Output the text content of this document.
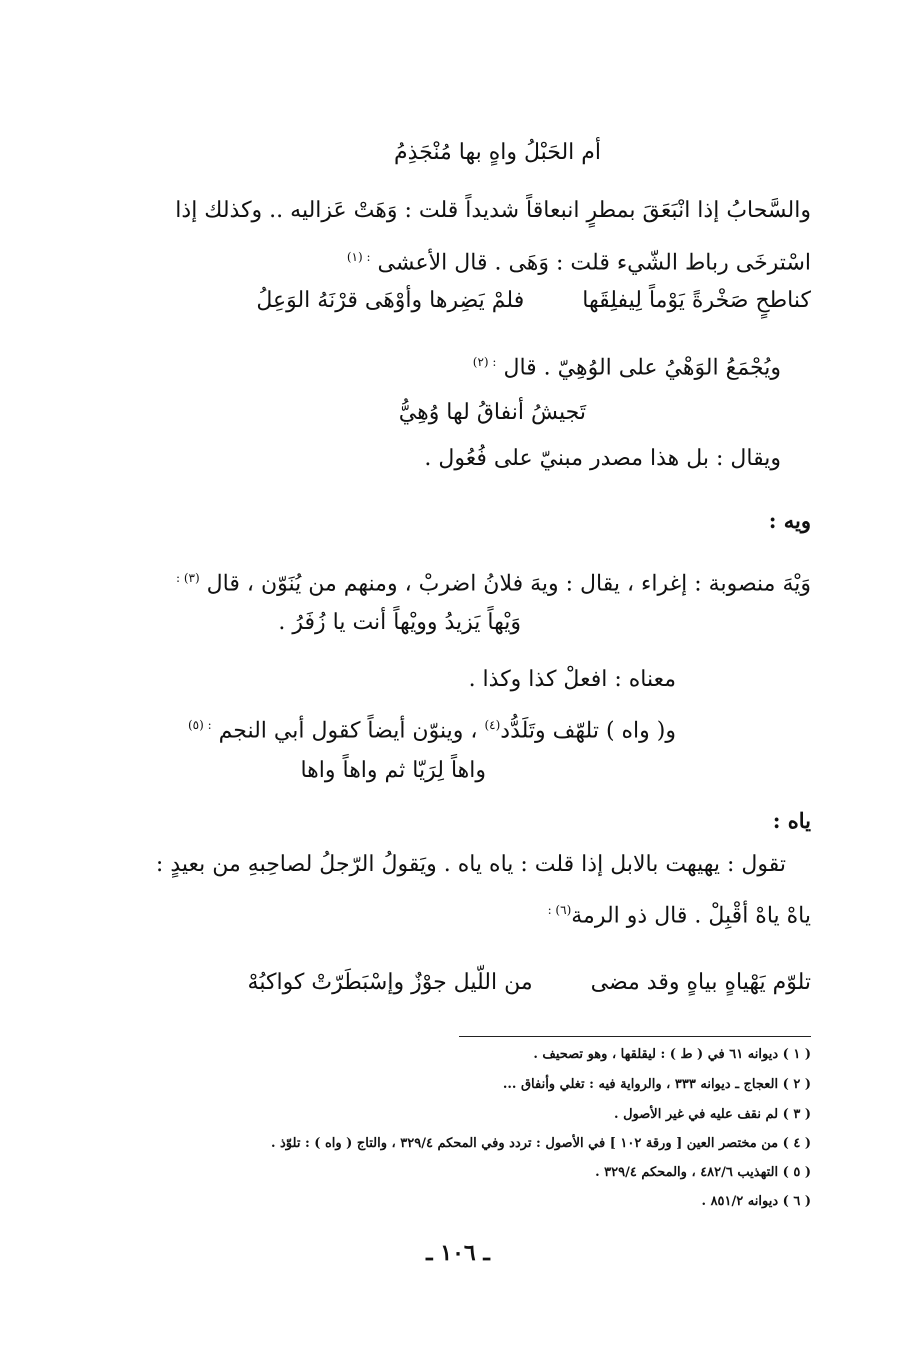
أم الحَبْلُ واهٍ بها مُنْجَذِمُ
والسَّحابُ إذا انْبَعَقَ بمطرٍ انبعاقاً شديداً قلت : وَهَتْ عَزاليه .. وكذلك إذا
اسْترخَى رباط الشّيء قلت : وَهَى . قال الأعشى $^{: (١)}$
كناطحٍ صَخْرةً يَوْماً لِيفلِقَها
فلمْ يَضِرها وأوْهَى قرْنَهُ الوَعِلُ
ويُجْمَعُ الوَهْيُ على الوُهِيّ . قال $^{: (٢)}$
تَجيشُ أنفاقُ لها وُهِيُّ
ويقال : بل هذا مصدر مبنيّ على فُعُول .
ويه :
وَيْهَ منصوبة : إغراء ، يقال : ويهَ فلانُ اضربْ ، ومنهم من يُنَوّن ، قال $^{(٣) :}$
وَيْهاً يَزيدُ وويْهاً أنت يا زُفَرُ .
معناه : افعلْ كذا وكذا .
و( واه ) تلهّف وتَلَدُّد$^{(٤)}$ ، وينوّن أيضاً كقول أبي النجم $^{: (٥)}$
واهاً لِرَيّا ثم واهاً واها
ياه :
تقول : يهيهت بالابل إذا قلت : ياه ياه . ويَقولُ الرّجلُ لصاحِبهِ من بعيدٍ :
ياهْ ياهْ أقْبِلْ . قال ذو الرمة$^{(٦) :}$
تلوّم يَهْياهٍ بياهٍ وقد مضى
من اللّيل جوْزٌ وإسْبَطَرّتْ كواكبُهْ
( ١ ) ديوانه ٦١ في ( ط ) : ليقلقها ، وهو تصحيف .
( ٢ ) العجاج ـ ديوانه ٣٣٣ ، والرواية فيه : تغلي وأنفاق ...
( ٣ ) لم نقف عليه في غير الأصول .
( ٤ ) من مختصر العين [ ورقة ١٠٢ ] في الأصول : تردد وفي المحكم ٣٢٩/٤ ، والتاج ( واه ) : تلوّذ .
( ٥ ) التهذيب ٤٨٢/٦ ، والمحكم ٣٢٩/٤ .
( ٦ ) ديوانه ٨٥١/٢ .
ـ ١٠٦ ـ
